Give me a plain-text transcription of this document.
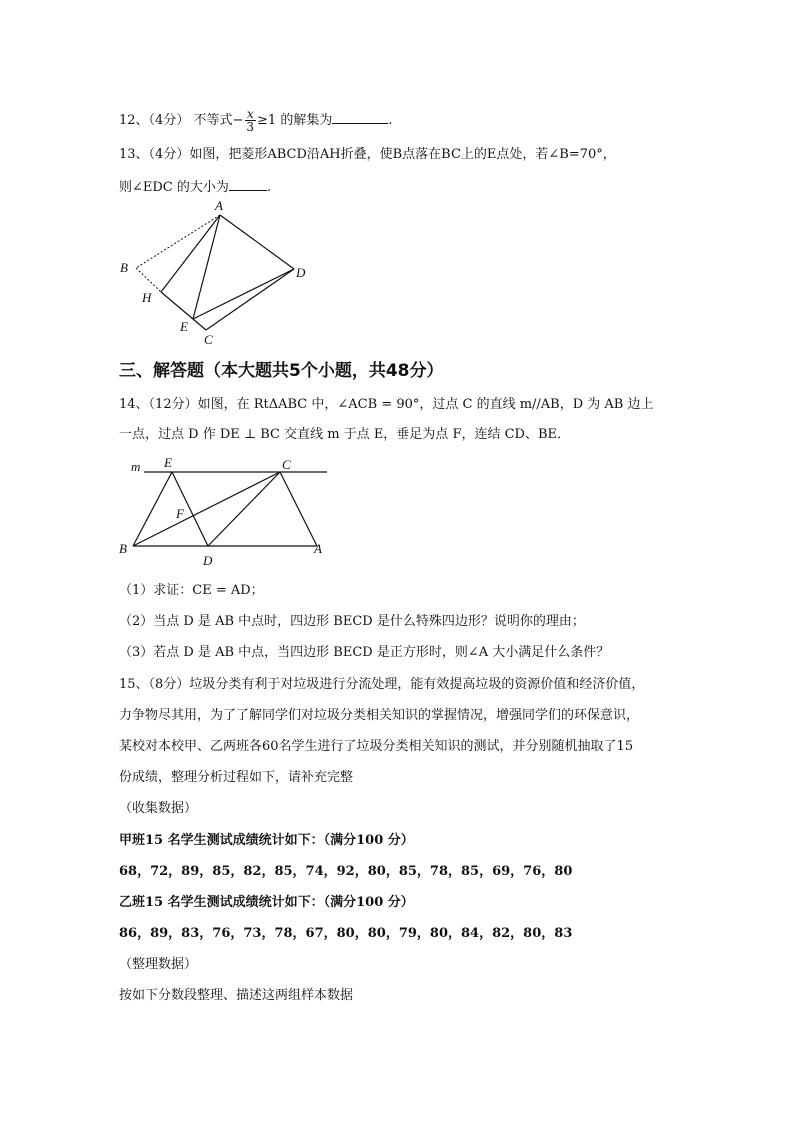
12、（4分） 不等式− $\frac{x}{3} \ge 1$ 的解集为	.
13、（4分）如图，把菱形ABCD沿AH折叠，使B点落在BC上的E点处，若∠B=70°，
则∠EDC 的大小为	.
A
B
H
D
E
C
三、解答题（本大题共5个小题，共48分）
14、（12分）如图，在 RtΔABC 中，∠ACB = 90°，过点 C 的直线 m//AB，D 为 AB 边上
一点，过点 D 作 DE ⊥ BC 交直线 m 于点 E，垂足为点 F，连结 CD、BE．
m E	C
F
B
D
A
（1）求证：CE = AD；
（2）当点 D 是 AB 中点时，四边形 BECD 是什么特殊四边形？说明你的理由；
（3）若点 D 是 AB 中点，当四边形 BECD 是正方形时，则∠A 大小满足什么条件？
15、（8分）垃圾分类有利于对垃圾进行分流处理，能有效提高垃圾的资源价值和经济价值，
力争物尽其用，为了了解同学们对垃圾分类相关知识的掌握情况，增强同学们的环保意识，
某校对本校甲、乙两班各60名学生进行了垃圾分类相关知识的测试，并分别随机抽取了15
份成绩，整理分析过程如下，请补充完整
（收集数据）
甲班15 名学生测试成绩统计如下：（满分100 分）
68，72，89，85，82，85，74，92，80，85，78，85，69，76，80
乙班15 名学生测试成绩统计如下：（满分100 分）
86，89，83，76，73，78，67，80，80，79，80，84，82，80，83
（整理数据）
按如下分数段整理、描述这两组样本数据
